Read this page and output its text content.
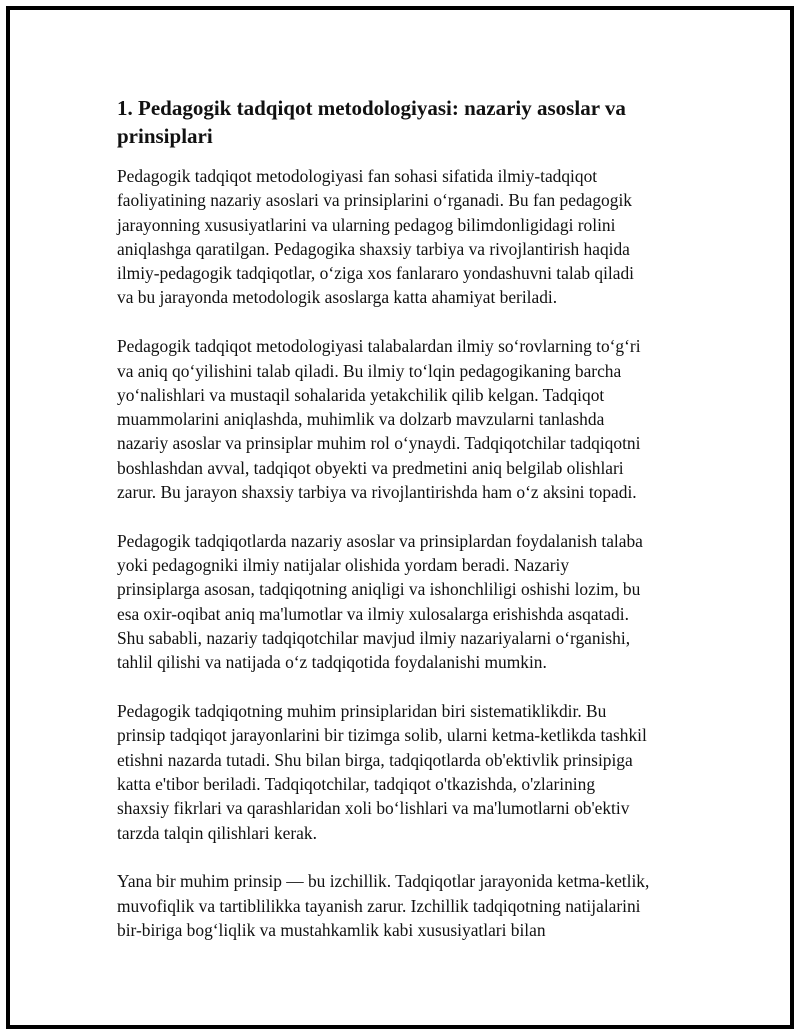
1. Pedagogik tadqiqot metodologiyasi: nazariy asoslar va
prinsiplari

Pedagogik tadqiqot metodologiyasi fan sohasi sifatida ilmiy-tadqiqot
faoliyatining nazariy asoslari va prinsiplarini o‘rganadi. Bu fan pedagogik
jarayonning xususiyatlarini va ularning pedagog bilimdonligidagi rolini
aniqlashga qaratilgan. Pedagogika shaxsiy tarbiya va rivojlantirish haqida
ilmiy-pedagogik tadqiqotlar, o‘ziga xos fanlararo yondashuvni talab qiladi
va bu jarayonda metodologik asoslarga katta ahamiyat beriladi.

Pedagogik tadqiqot metodologiyasi talabalardan ilmiy so‘rovlarning to‘g‘ri
va aniq qo‘yilishini talab qiladi. Bu ilmiy to‘lqin pedagogikaning barcha
yo‘nalishlari va mustaqil sohalarida yetakchilik qilib kelgan. Tadqiqot
muammolarini aniqlashda, muhimlik va dolzarb mavzularni tanlashda
nazariy asoslar va prinsiplar muhim rol o‘ynaydi. Tadqiqotchilar tadqiqotni
boshlashdan avval, tadqiqot obyekti va predmetini aniq belgilab olishlari
zarur. Bu jarayon shaxsiy tarbiya va rivojlantirishda ham o‘z aksini topadi.

Pedagogik tadqiqotlarda nazariy asoslar va prinsiplardan foydalanish talaba
yoki pedagogniki ilmiy natijalar olishida yordam beradi. Nazariy
prinsiplarga asosan, tadqiqotning aniqligi va ishonchliligi oshishi lozim, bu
esa oxir-oqibat aniq ma'lumotlar va ilmiy xulosalarga erishishda asqatadi.
Shu sababli, nazariy tadqiqotchilar mavjud ilmiy nazariyalarni o‘rganishi,
tahlil qilishi va natijada o‘z tadqiqotida foydalanishi mumkin.

Pedagogik tadqiqotning muhim prinsiplaridan biri sistematiklikdir. Bu
prinsip tadqiqot jarayonlarini bir tizimga solib, ularni ketma-ketlikda tashkil
etishni nazarda tutadi. Shu bilan birga, tadqiqotlarda ob'ektivlik prinsipiga
katta e'tibor beriladi. Tadqiqotchilar, tadqiqot o'tkazishda, o'zlarining
shaxsiy fikrlari va qarashlaridan xoli bo‘lishlari va ma'lumotlarni ob'ektiv
tarzda talqin qilishlari kerak.

Yana bir muhim prinsip — bu izchillik. Tadqiqotlar jarayonida ketma-ketlik,
muvofiqlik va tartiblilikka tayanish zarur. Izchillik tadqiqotning natijalarini
bir-biriga bog‘liqlik va mustahkamlik kabi xususiyatlari bilan
